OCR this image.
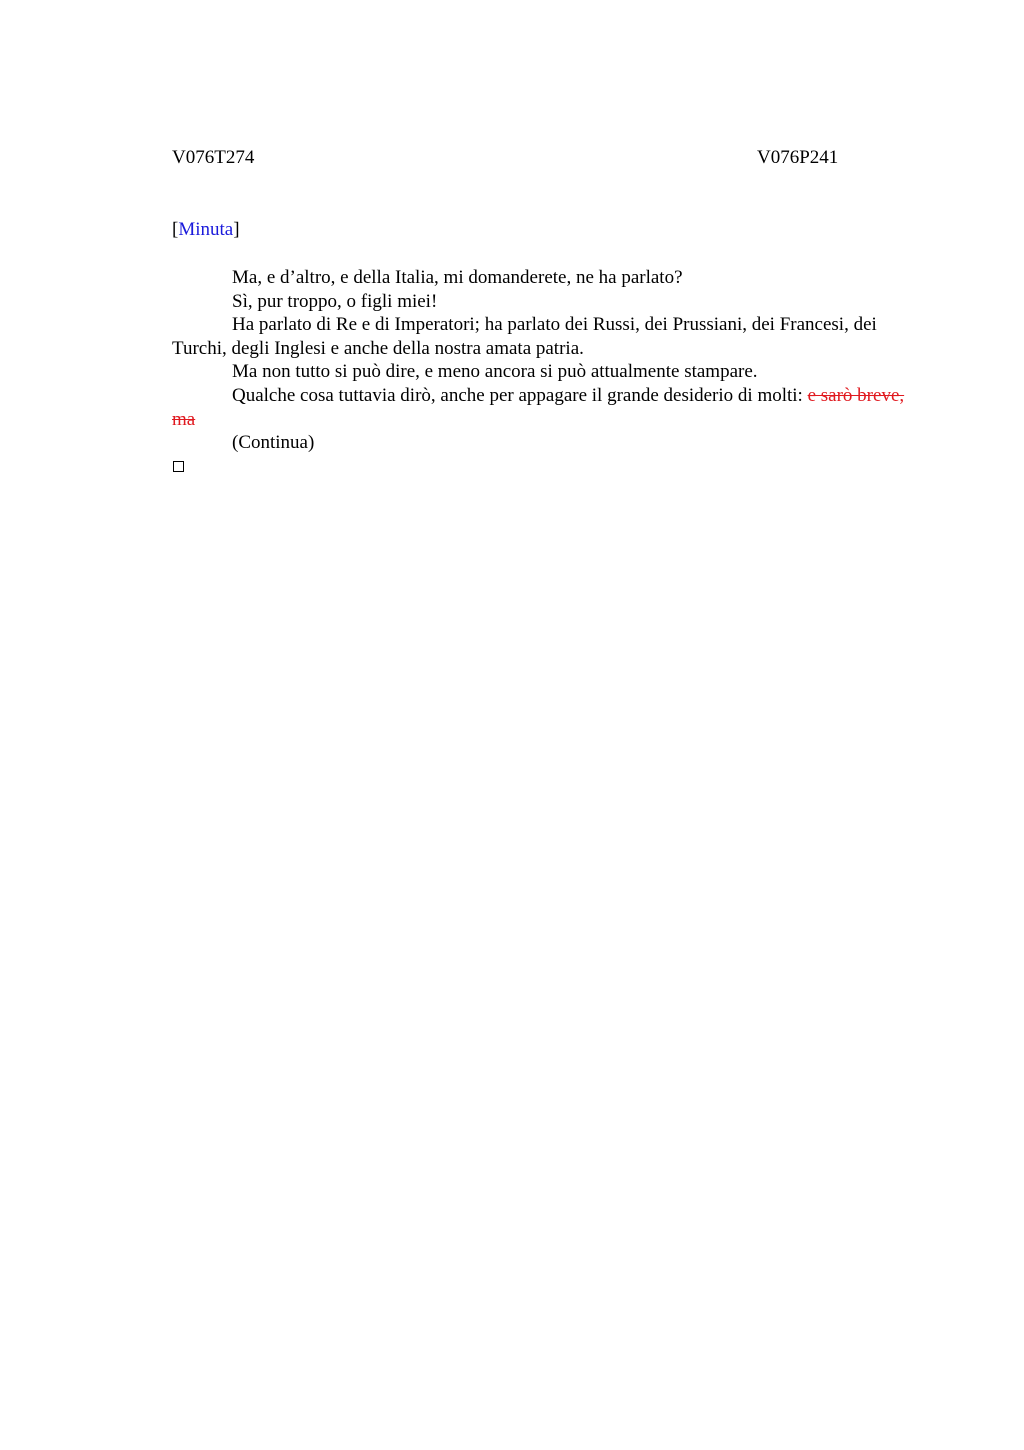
V076T274	V076P241
[Minuta]

Ma, e d’altro, e della Italia, mi domanderete, ne ha parlato?

Sì, pur troppo, o figli miei!

Ha parlato di Re e di Imperatori; ha parlato dei Russi, dei Prussiani, dei Francesi, dei Turchi, degli Inglesi e anche della nostra amata patria.

Ma non tutto si può dire, e meno ancora si può attualmente stampare.

Qualche cosa tuttavia dirò, anche per appagare il grande desiderio di molti: e sarò breve, ma

(Continua)
